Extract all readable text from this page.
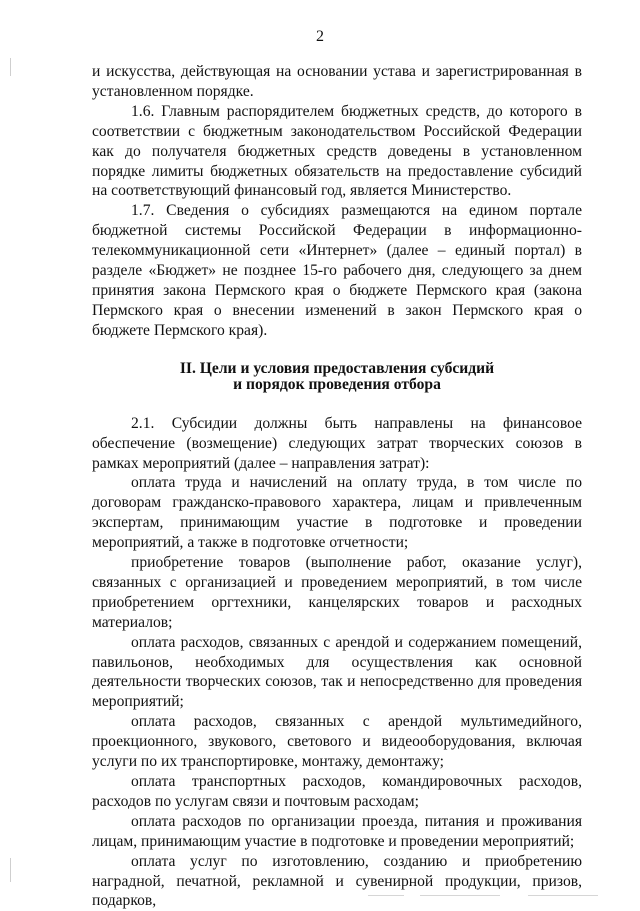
2

и искусства, действующая на основании устава и зарегистрированная в установленном порядке.

1.6. Главным распорядителем бюджетных средств, до которого в соответствии с бюджетным законодательством Российской Федерации как до получателя бюджетных средств доведены в установленном порядке лимиты бюджетных обязательств на предоставление субсидий на соответствующий финансовый год, является Министерство.

1.7. Сведения о субсидиях размещаются на едином портале бюджетной системы Российской Федерации в информационно-телекоммуникационной сети «Интернет» (далее – единый портал) в разделе «Бюджет» не позднее 15-го рабочего дня, следующего за днем принятия закона Пермского края о бюджете Пермского края (закона Пермского края о внесении изменений в закон Пермского края о бюджете Пермского края).

II. Цели и условия предоставления субсидий
и порядок проведения отбора

2.1. Субсидии должны быть направлены на финансовое обеспечение (возмещение) следующих затрат творческих союзов в рамках мероприятий (далее – направления затрат):

оплата труда и начислений на оплату труда, в том числе по договорам гражданско-правового характера, лицам и привлеченным экспертам, принимающим участие в подготовке и проведении мероприятий, а также в подготовке отчетности;

приобретение товаров (выполнение работ, оказание услуг), связанных с организацией и проведением мероприятий, в том числе приобретением оргтехники, канцелярских товаров и расходных материалов;

оплата расходов, связанных с арендой и содержанием помещений, павильонов, необходимых для осуществления как основной деятельности творческих союзов, так и непосредственно для проведения мероприятий;

оплата расходов, связанных с арендой мультимедийного, проекционного, звукового, светового и видеооборудования, включая услуги по их транспортировке, монтажу, демонтажу;

оплата транспортных расходов, командировочных расходов, расходов по услугам связи и почтовым расходам;

оплата расходов по организации проезда, питания и проживания лицам, принимающим участие в подготовке и проведении мероприятий;

оплата услуг по изготовлению, созданию и приобретению наградной, печатной, рекламной и сувенирной продукции, призов, подарков,
